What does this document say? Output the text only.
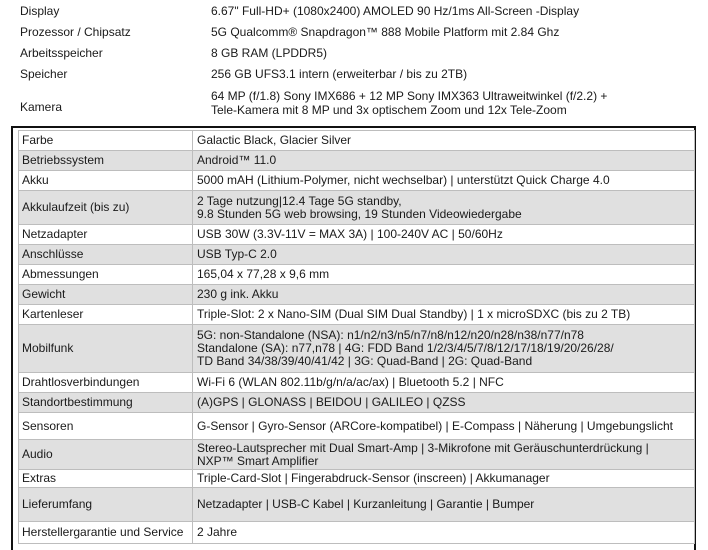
Display	6.67" Full-HD+ (1080x2400) AMOLED 90 Hz/1ms All-Screen -Display

Prozessor / Chipsatz	5G Qualcomm® Snapdragon™ 888 Mobile Platform mit 2.84 Ghz

Arbeitsspeicher	8 GB RAM (LPDDR5)

Speicher	256 GB UFS3.1 intern (erweiterbar / bis zu 2TB)

Kamera	64 MP (f/1.8) Sony IMX686 + 12 MP Sony IMX363 Ultraweitwinkel (f/2.2) +
Tele-Kamera mit 8 MP und 3x optischem Zoom und 12x Tele-Zoom
Farbe	Galactic Black, Glacier Silver

Betriebssystem	Android™ 11.0

Akku	5000 mAH (Lithium-Polymer, nicht wechselbar) | unterstützt Quick Charge 4.0

Akkulaufzeit (bis zu)	2 Tage nutzung|12.4 Tage 5G standby,
9.8 Stunden 5G web browsing, 19 Stunden Videowiedergabe

Netzadapter	USB 30W (3.3V-11V = MAX 3A) | 100-240V AC | 50/60Hz

Anschlüsse	USB Typ-C 2.0

Abmessungen	165,04 x 77,28 x 9,6 mm

Gewicht	230 g ink. Akku

Kartenleser	Triple-Slot: 2 x Nano-SIM (Dual SIM Dual Standby) | 1 x microSDXC (bis zu 2 TB)

Mobilfunk	5G: non-Standalone (NSA): n1/n2/n3/n5/n7/n8/n12/n20/n28/n38/n77/n78
Standalone (SA): n77,n78 | 4G: FDD Band 1/2/3/4/5/7/8/12/17/18/19/20/26/28/
TD Band 34/38/39/40/41/42 | 3G: Quad-Band | 2G: Quad-Band

Drahtlosverbindungen	Wi-Fi 6 (WLAN 802.11b/g/n/a/ac/ax) | Bluetooth 5.2 | NFC

Standortbestimmung	(A)GPS | GLONASS | BEIDOU | GALILEO | QZSS

Sensoren	G-Sensor | Gyro-Sensor (ARCore-kompatibel) | E-Compass | Näherung | Umgebungslicht

Audio	Stereo-Lautsprecher mit Dual Smart-Amp | 3-Mikrofone mit Geräuschunterdrückung |
NXP™ Smart Amplifier

Extras	Triple-Card-Slot | Fingerabdruck-Sensor (inscreen) | Akkumanager

Lieferumfang	Netzadapter | USB-C Kabel | Kurzanleitung | Garantie | Bumper

Herstellergarantie und Service	2 Jahre
